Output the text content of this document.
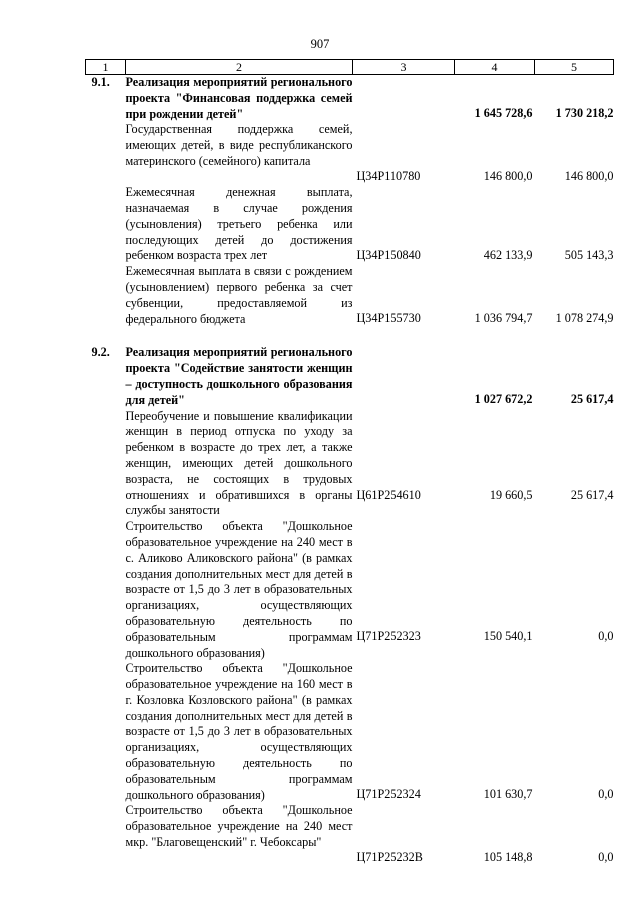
907
1	2	3	4	5
9.1.	Реализация мероприятий регионального проекта "Финансовая поддержка семей при рождении детей"		1 645 728,6	1 730 218,2
	Государственная поддержка семей, имеющих детей, в виде республиканского материнского (семейного) капитала	Ц34Р110780	146 800,0	146 800,0
	Ежемесячная денежная выплата, назначаемая в случае рождения (усыновления) третьего ребенка или последующих детей до достижения ребенком возраста трех лет	Ц34Р150840	462 133,9	505 143,3
	Ежемесячная выплата в связи с рождением (усыновлением) первого ребенка за счет субвенции, предоставляемой из федерального бюджета	Ц34Р155730	1 036 794,7	1 078 274,9

9.2.	Реализация мероприятий регионального проекта "Содействие занятости женщин – доступность дошкольного образования для детей"		1 027 672,2	25 617,4
	Переобучение и повышение квалификации женщин в период отпуска по уходу за ребенком в возрасте до трех лет, а также женщин, имеющих детей дошкольного возраста, не состоящих в трудовых отношениях и обратившихся в органы службы занятости	Ц61Р254610	19 660,5	25 617,4
	Строительство объекта "Дошкольное образовательное учреждение на 240 мест в с. Аликово Аликовского района" (в рамках создания дополнительных мест для детей в возрасте от 1,5 до 3 лет в образовательных организациях, осуществляющих образовательную деятельность по образовательным программам дошкольного образования)	Ц71Р252323	150 540,1	0,0
	Строительство объекта "Дошкольное образовательное учреждение на 160 мест в г. Козловка Козловского района" (в рамках создания дополнительных мест для детей в возрасте от 1,5 до 3 лет в образовательных организациях, осуществляющих образовательную деятельность по образовательным программам дошкольного образования)	Ц71Р252324	101 630,7	0,0
	Строительство объекта "Дошкольное образовательное учреждение на 240 мест мкр. "Благовещенский" г. Чебоксары"	Ц71Р25232В	105 148,8	0,0
